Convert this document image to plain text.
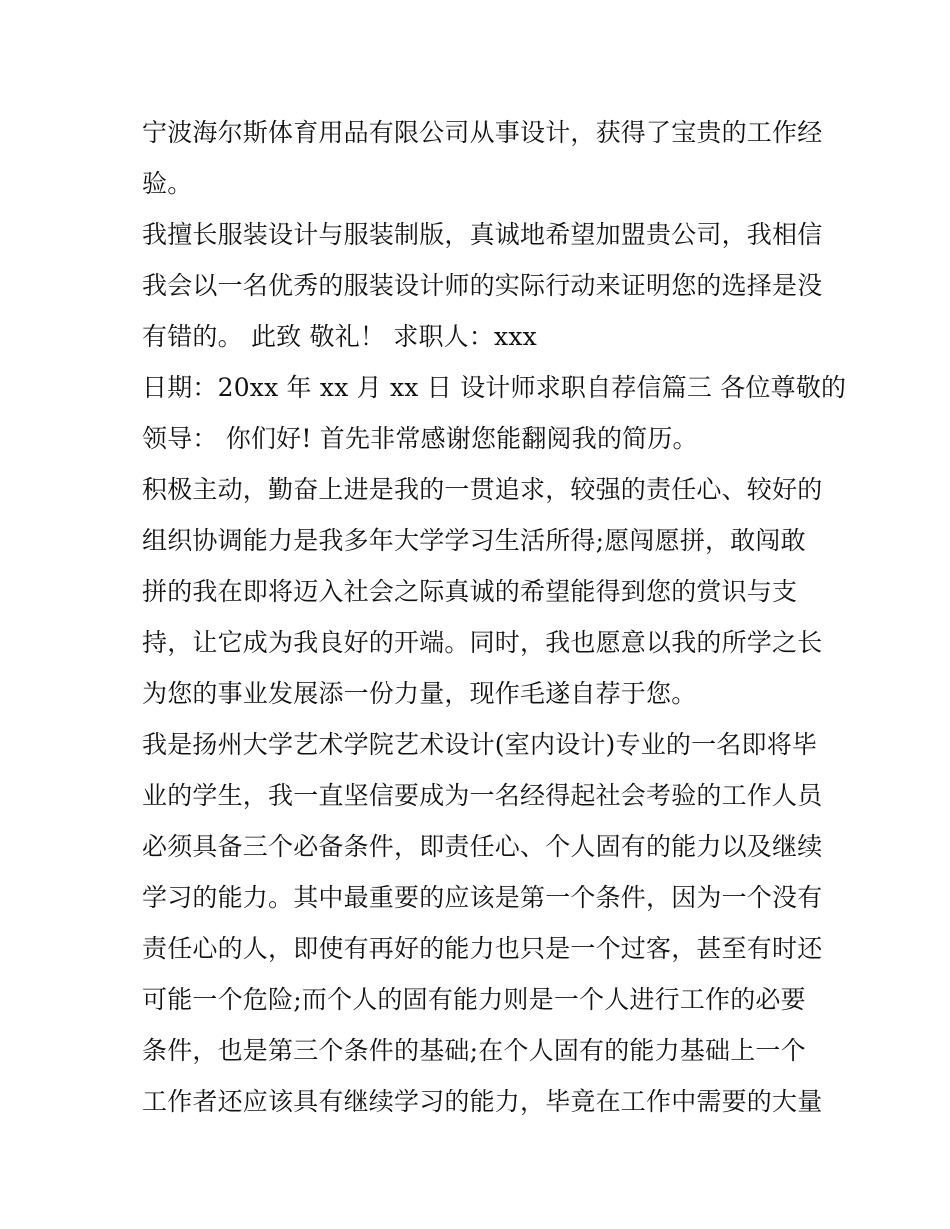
宁波海尔斯体育用品有限公司从事设计，获得了宝贵的工作经
验。
我擅长服装设计与服装制版，真诚地希望加盟贵公司，我相信
我会以一名优秀的服装设计师的实际行动来证明您的选择是没
有错的。 此致 敬礼！ 求职人：xxx
日期：20xx 年 xx 月 xx 日 设计师求职自荐信篇三 各位尊敬的
领导： 你们好! 首先非常感谢您能翻阅我的简历。
积极主动，勤奋上进是我的一贯追求，较强的责任心、较好的
组织协调能力是我多年大学学习生活所得;愿闯愿拼，敢闯敢
拼的我在即将迈入社会之际真诚的希望能得到您的赏识与支
持，让它成为我良好的开端。同时，我也愿意以我的所学之长
为您的事业发展添一份力量，现作毛遂自荐于您。
我是扬州大学艺术学院艺术设计(室内设计)专业的一名即将毕
业的学生，我一直坚信要成为一名经得起社会考验的工作人员
必须具备三个必备条件，即责任心、个人固有的能力以及继续
学习的能力。其中最重要的应该是第一个条件，因为一个没有
责任心的人，即使有再好的能力也只是一个过客，甚至有时还
可能一个危险;而个人的固有能力则是一个人进行工作的必要
条件，也是第三个条件的基础;在个人固有的能力基础上一个
工作者还应该具有继续学习的能力，毕竟在工作中需要的大量
